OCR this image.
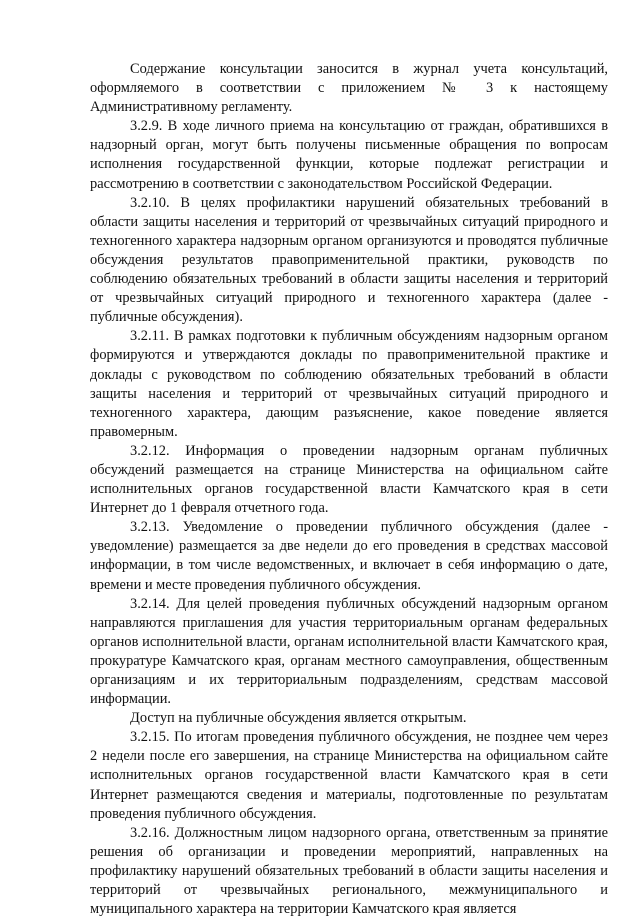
Содержание консультации заносится в журнал учета консультаций, оформляемого в соответствии с приложением № 3 к настоящему Административному регламенту.

3.2.9. В ходе личного приема на консультацию от граждан, обратившихся в надзорный орган, могут быть получены письменные обращения по вопросам исполнения государственной функции, которые подлежат регистрации и рассмотрению в соответствии с законодательством Российской Федерации.

3.2.10. В целях профилактики нарушений обязательных требований в области защиты населения и территорий от чрезвычайных ситуаций природного и техногенного характера надзорным органом организуются и проводятся публичные обсуждения результатов правоприменительной практики, руководств по соблюдению обязательных требований в области защиты населения и территорий от чрезвычайных ситуаций природного и техногенного характера (далее - публичные обсуждения).

3.2.11. В рамках подготовки к публичным обсуждениям надзорным органом формируются и утверждаются доклады по правоприменительной практике и доклады с руководством по соблюдению обязательных требований в области защиты населения и территорий от чрезвычайных ситуаций природного и техногенного характера, дающим разъяснение, какое поведение является правомерным.

3.2.12. Информация о проведении надзорным органам публичных обсуждений размещается на странице Министерства на официальном сайте исполнительных органов государственной власти Камчатского края в сети Интернет до 1 февраля отчетного года.

3.2.13. Уведомление о проведении публичного обсуждения (далее - уведомление) размещается за две недели до его проведения в средствах массовой информации, в том числе ведомственных, и включает в себя информацию о дате, времени и месте проведения публичного обсуждения.

3.2.14. Для целей проведения публичных обсуждений надзорным органом направляются приглашения для участия территориальным органам федеральных органов исполнительной власти, органам исполнительной власти Камчатского края, прокуратуре Камчатского края, органам местного самоуправления, общественным организациям и их территориальным подразделениям, средствам массовой информации.

Доступ на публичные обсуждения является открытым.

3.2.15. По итогам проведения публичного обсуждения, не позднее чем через 2 недели после его завершения, на странице Министерства на официальном сайте исполнительных органов государственной власти Камчатского края в сети Интернет размещаются сведения и материалы, подготовленные по результатам проведения публичного обсуждения.

3.2.16. Должностным лицом надзорного органа, ответственным за принятие решения об организации и проведении мероприятий, направленных на профилактику нарушений обязательных требований в области защиты населения и территорий от чрезвычайных регионального, межмуниципального и муниципального характера на территории Камчатского края является
